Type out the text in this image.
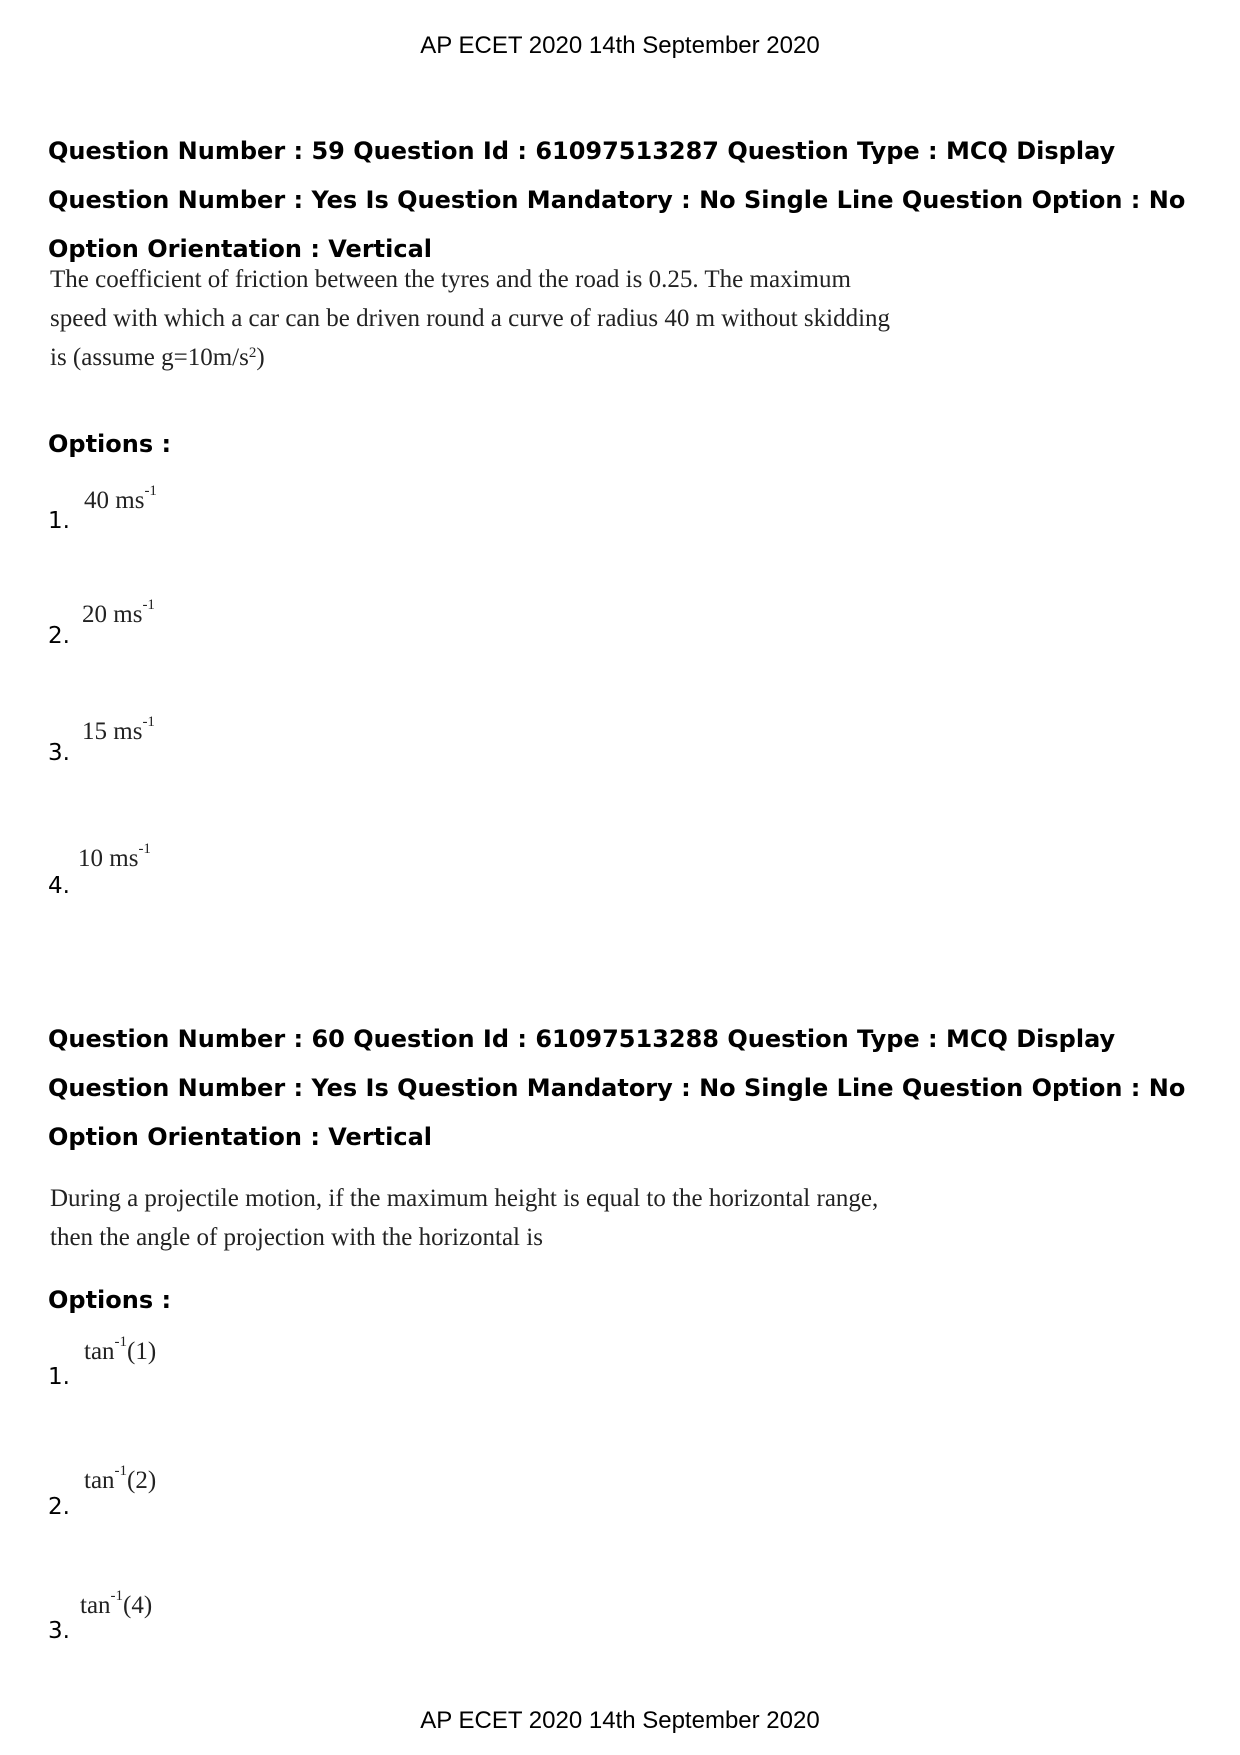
AP ECET 2020 14th September 2020
Question Number : 59 Question Id : 61097513287 Question Type : MCQ Display Question Number : Yes Is Question Mandatory : No Single Line Question Option : No Option Orientation : Vertical
The coefficient of friction between the tyres and the road is 0.25. The maximum
speed with which a car can be driven round a curve of radius 40 m without skidding
is (assume $g=10m/s^2$)
Options :
1.
40 $ms^{-1}$
2.
20 $ms^{-1}$
3.
15 $ms^{-1}$
4.
10 $ms^{-1}$
Question Number : 60 Question Id : 61097513288 Question Type : MCQ Display Question Number : Yes Is Question Mandatory : No Single Line Question Option : No Option Orientation : Vertical
During a projectile motion, if the maximum height is equal to the horizontal range,
then the angle of projection with the horizontal is
Options :
1.
$\tan^{-1}(1)$
2.
$\tan^{-1}(2)$
3.
$\tan^{-1}(4)$
AP ECET 2020 14th September 2020
